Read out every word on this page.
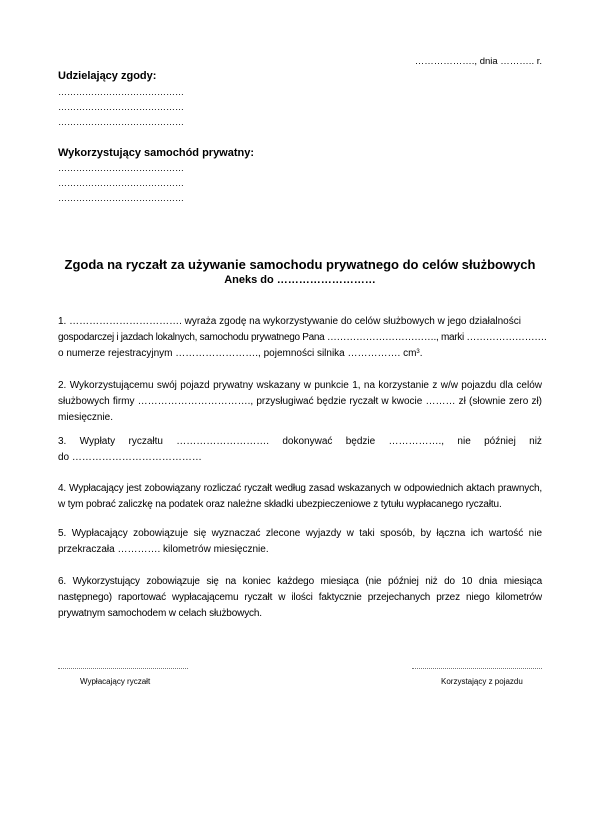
………………., dnia ……….. r.

Udzielający zgody:

……………………………………

……………………………………

……………………………………

Wykorzystujący samochód prywatny:

……………………………………

……………………………………

……………………………………

Zgoda na ryczałt za używanie samochodu prywatnego do celów służbowych

Aneks do ………………………

1. ……………………………. wyraża zgodę na wykorzystywanie do celów służbowych w jego działalności
gospodarczej i jazdach lokalnych, samochodu prywatnego Pana ……………………………., marki …………………….
o numerze rejestracyjnym ……………………., pojemności silnika ……………. $cm^3$.

2. Wykorzystującemu swój pojazd prywatny wskazany w punkcie 1, na korzystanie z w/w pojazdu dla celów służbowych firmy ……………………………., przysługiwać będzie ryczałt w kwocie ……… zł (słownie zero zł) miesięcznie.

3. Wypłaty ryczałtu ………………………. dokonywać będzie ……………., nie później niż
do …………………………………

4. Wypłacający jest zobowiązany rozliczać ryczałt według zasad wskazanych w odpowiednich aktach prawnych, w tym pobrać zaliczkę na podatek oraz należne składki ubezpieczeniowe z tytułu wypłacanego ryczałtu.

5. Wypłacający zobowiązuje się wyznaczać zlecone wyjazdy w taki sposób, by łączna ich wartość nie przekraczała …………. kilometrów miesięcznie.

6. Wykorzystujący zobowiązuje się na koniec każdego miesiąca (nie później niż do 10 dnia miesiąca następnego) raportować wypłacającemu ryczałt w ilości faktycznie przejechanych przez niego kilometrów prywatnym samochodem w celach służbowych.

Wypłacający ryczałt	Korzystający z pojazdu
